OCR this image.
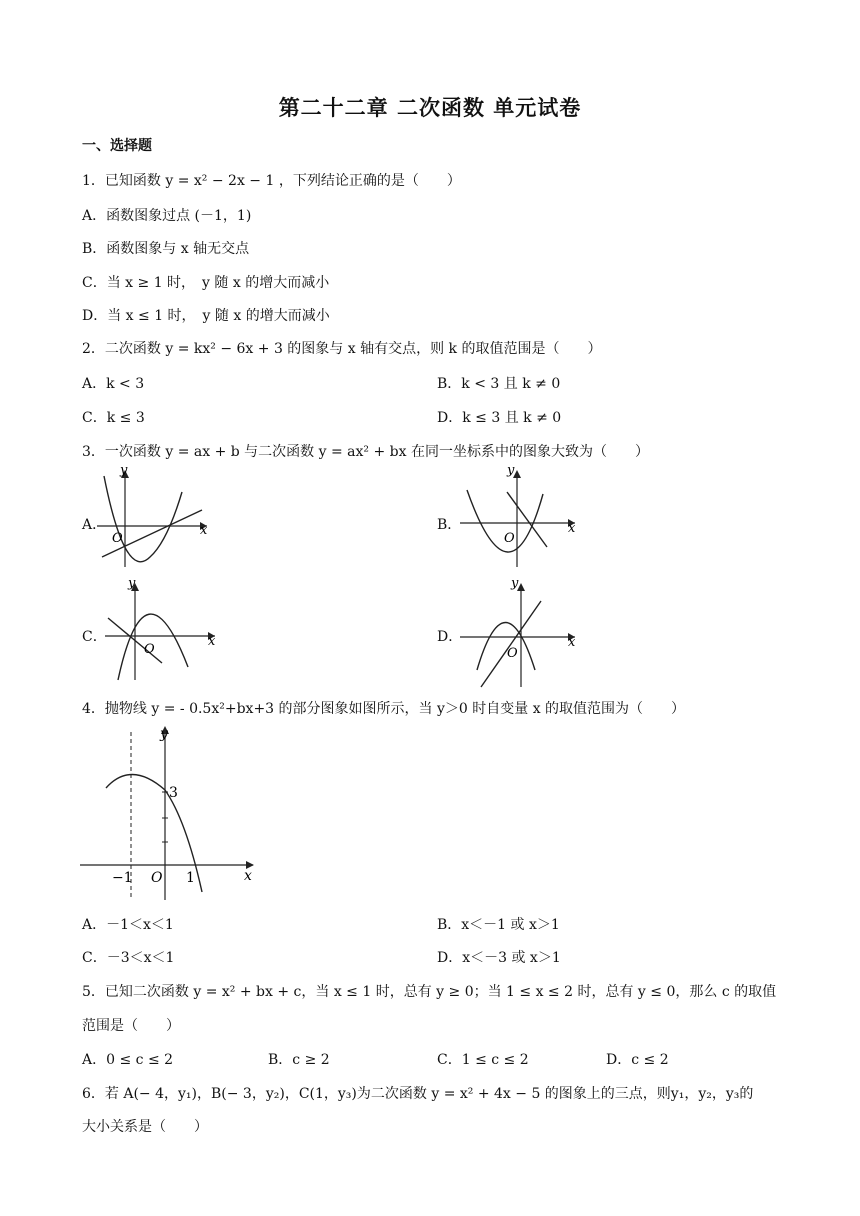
第二十二章 二次函数 单元试卷
一、选择题
1．已知函数 y = x² − 2x − 1 ，下列结论正确的是（　　）
A．函数图象过点 (－1，1)
B．函数图象与 x 轴无交点
C．当 x ≥ 1 时，　y 随 x 的增大而减小
D．当 x ≤ 1 时，　y 随 x 的增大而减小
2．二次函数 y = kx² − 6x + 3 的图象与 x 轴有交点，则 k 的取值范围是（　　）
A．k < 3	B．k < 3 且 k ≠ 0
C．k ≤ 3	D．k ≤ 3 且 k ≠ 0
3．一次函数 y = ax + b 与二次函数 y = ax² + bx 在同一坐标系中的图象大致为（　　）
A．
y
x
O
B．
y
x
O
C．
y
x
O
D．
y
x
O
4．抛物线 y = - 0.5x²+bx+3 的部分图象如图所示，当 y＞0 时自变量 x 的取值范围为（　　）
y
x
O
3
−1	1
A．－1＜x＜1	B．x＜－1 或 x＞1
C．－3＜x＜1	D．x＜－3 或 x＞1
5．已知二次函数 y = x² + bx + c，当 x ≤ 1 时，总有 y ≥ 0；当 1 ≤ x ≤ 2 时，总有 y ≤ 0，那么 c 的取值
范围是（　　）
A．0 ≤ c ≤ 2	B．c ≥ 2	C．1 ≤ c ≤ 2	D．c ≤ 2
6．若 A(− 4，y₁)，B(− 3，y₂)，C(1，y₃)为二次函数 y = x² + 4x − 5 的图象上的三点，则y₁，y₂，y₃的
大小关系是（　　）
